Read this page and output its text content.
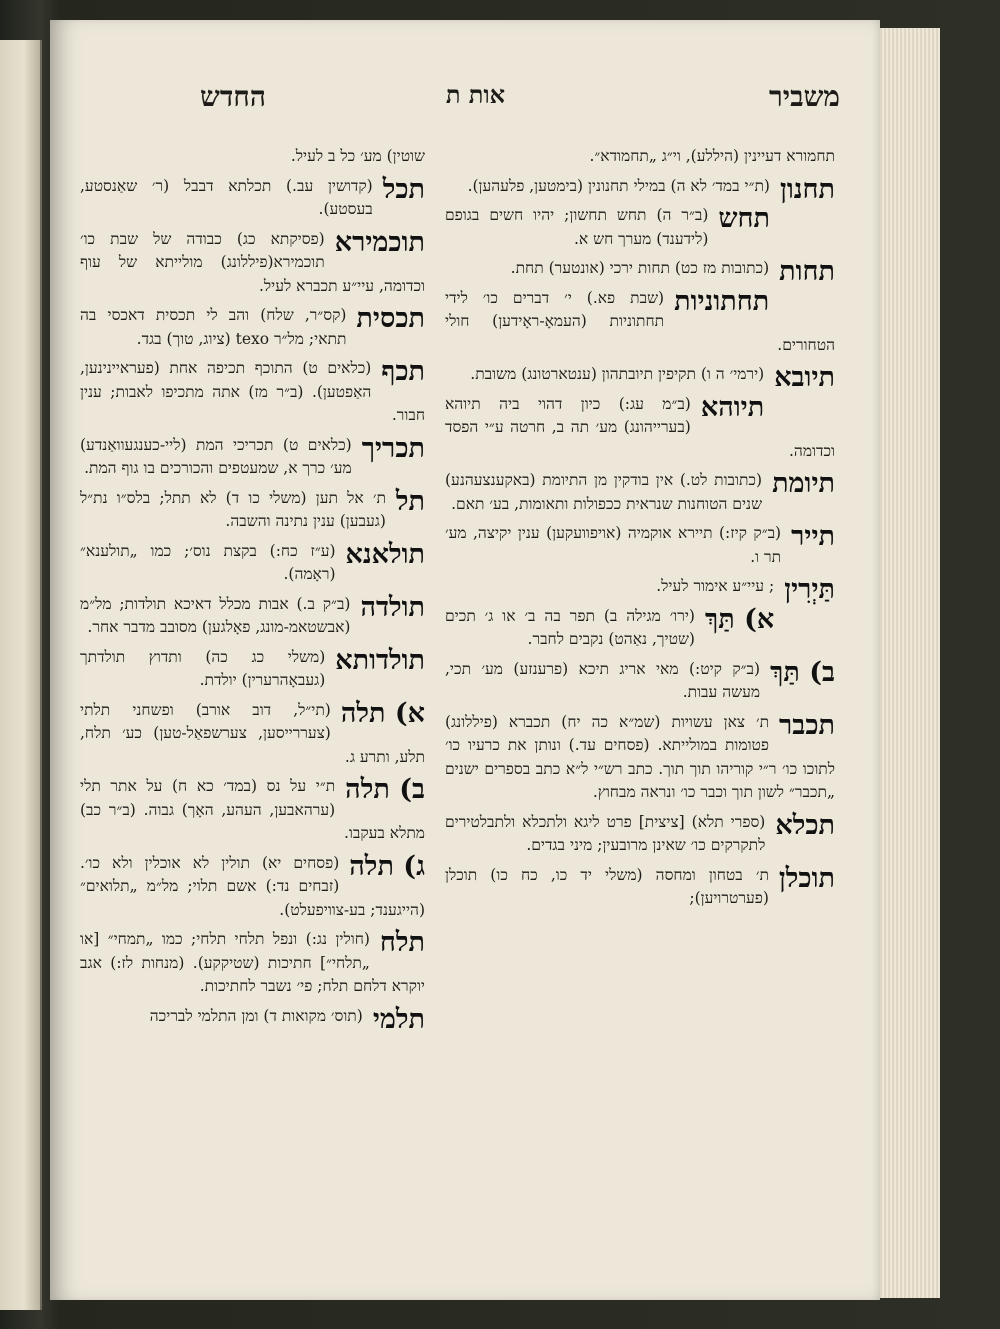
משביר
אות ת
החדש

תחמורא דעיינין (היללע), וי״ג „תחמודא״.

תחנון
(ת״י במד׳ לא ה) במילי תחנונין (בימטען, פלעהען).

תחש
(ב״ר ה) תחש תחשון; יהיו חשים בגופם (לידענד) מערך חש א.

תחות
(כתובות מז כט) תחות ירכי (אונטער) תחת.

תחתוניות
(שבת פא.) י׳ דברים כו׳ לידי תחתוניות (העמאָ-ראָידען) חולי הטחורים.

תיובא
(ירמי׳ ה ו) תקיפין תיובתהון (ענטארטונג) משובת.

תיוהא
(ב״מ עג:) כיון דהוי ביה תיוהא (בערייהונג) מע׳ תה ב, חרטה ע״י הפסד וכדומה.

תיומת
(כתובות לט.) אין בודקין מן התיומת (באקענצעהנע) שנים הטוחנות שנראית ככפולות ותאומות, בע׳ תאם.

תייר
(ב״ק קיז:) תיירא אוקמיה (אויפוועקען) ענין יקיצה, מע׳ תר ו.

תַּיְרִין
; עיי״ע אימור לעיל.

א) תַּךְ
(ירו׳ מגילה ב) תפר בה ב׳ או ג׳ תכים (שטיך, נאַהט) נקבים לחבר.

ב) תַּךְ
(ב״ק קיט:) מאי אריג תיכא (פרענזע) מע׳ תכי, מעשה עבות.

תכבר
ת׳ צאן עשויות (שמ״א כה יח) תכברא (פיללונג) פטומות במולייתא. (פסחים עד.) ונותן את כרעיו כו׳ לתוכו כו׳ ר״י קוריהו תוך תוך. כתב רש״י ל״א כתב בספרים ישנים „תכבר״ לשון תוך וכבר כו׳ ונראה מבחוץ.

תכלא
(ספרי תלא) [ציצית] פרט ליגא ולתכלא ולתבלטירים לתקרקים כו׳ שאינן מרובעין; מיני בגדים.

תוכלן
ת׳ בטחון ומחסה (משלי יד כו, כח כו) תוכלן (פערטרויען);

שוטין) מע׳ כל ב לעיל.

תכל
(קדושין עב.) תכלתא דבבל (ר׳ שאַנסטע, בעסטע).

תוכמירא
(פסיקתא כג) כבודה של שבת כו׳ תוכמירא(פיללונג) מולייתא של עוף וכדומה, עיי״ע תכברא לעיל.

תכסית
(קס״ר, שלח) והב לי תכסית דאכסי בה תתאי; מל״ר texo (ציוג, טוך) בגד.

תכף
(כלאים ט) התוכף תכיפה אחת (פעראיינינען, האַפטען). (ב״ר מז) אתה מתכיפו לאבות; ענין חבור.

תכריך
(כלאים ט) תכריכי המת (ליי-כענגעוואַנדע) מע׳ כרך א, שמעטפים והכורכים בו גוף המת.

תל
ת׳ אל תען (משלי כו ד) לא תתל; בלס״ו נת״ל (געבען) ענין נתינה והשבה.

תולאנא
(ע״ז כח:) בקצת נוס׳; כמו „תולענא״ (ראָמה).

תולדה
(ב״ק ב.) אבות מכלל דאיכא תולדות; מל״מ (אבשטאמ-מונג, פאָלגען) מסובב מדבר אחר.

תולדותא
(משלי כג כה) ותדוץ תולדתך (געבאָהרערין) יולדת.

א) תלה
(תי״ל, דוב אורב) ופשחני תלתי (צעררייסען, צערשפאַל-טען) כע׳ תלח, תלע, ותרע ג.

ב) תלה
ת״י על נס (במד׳ כא ח) על אתר תלי (ערהאבען, העהע, האָך) גבוה. (ב״ר כב) מתלא בעקבו.

ג) תלה
(פסחים יא) תולין לא אוכלין ולא כו׳. (זבחים נד:) אשם תלוי; מל״מ „תלואים״ (הייגענד; בע-צוויפעלט).

תלח
(חולין נג:) ונפל תלחי תלחי; כמו „תמחי״ [או „תלחי״] חתיכות (שטיקקע). (מנחות לז:) אגב יוקרא דלחם תלח; פי׳ נשבר לחתיכות.

תלמי
(תוס׳ מקואות ד) ומן התלמי לבריכה
